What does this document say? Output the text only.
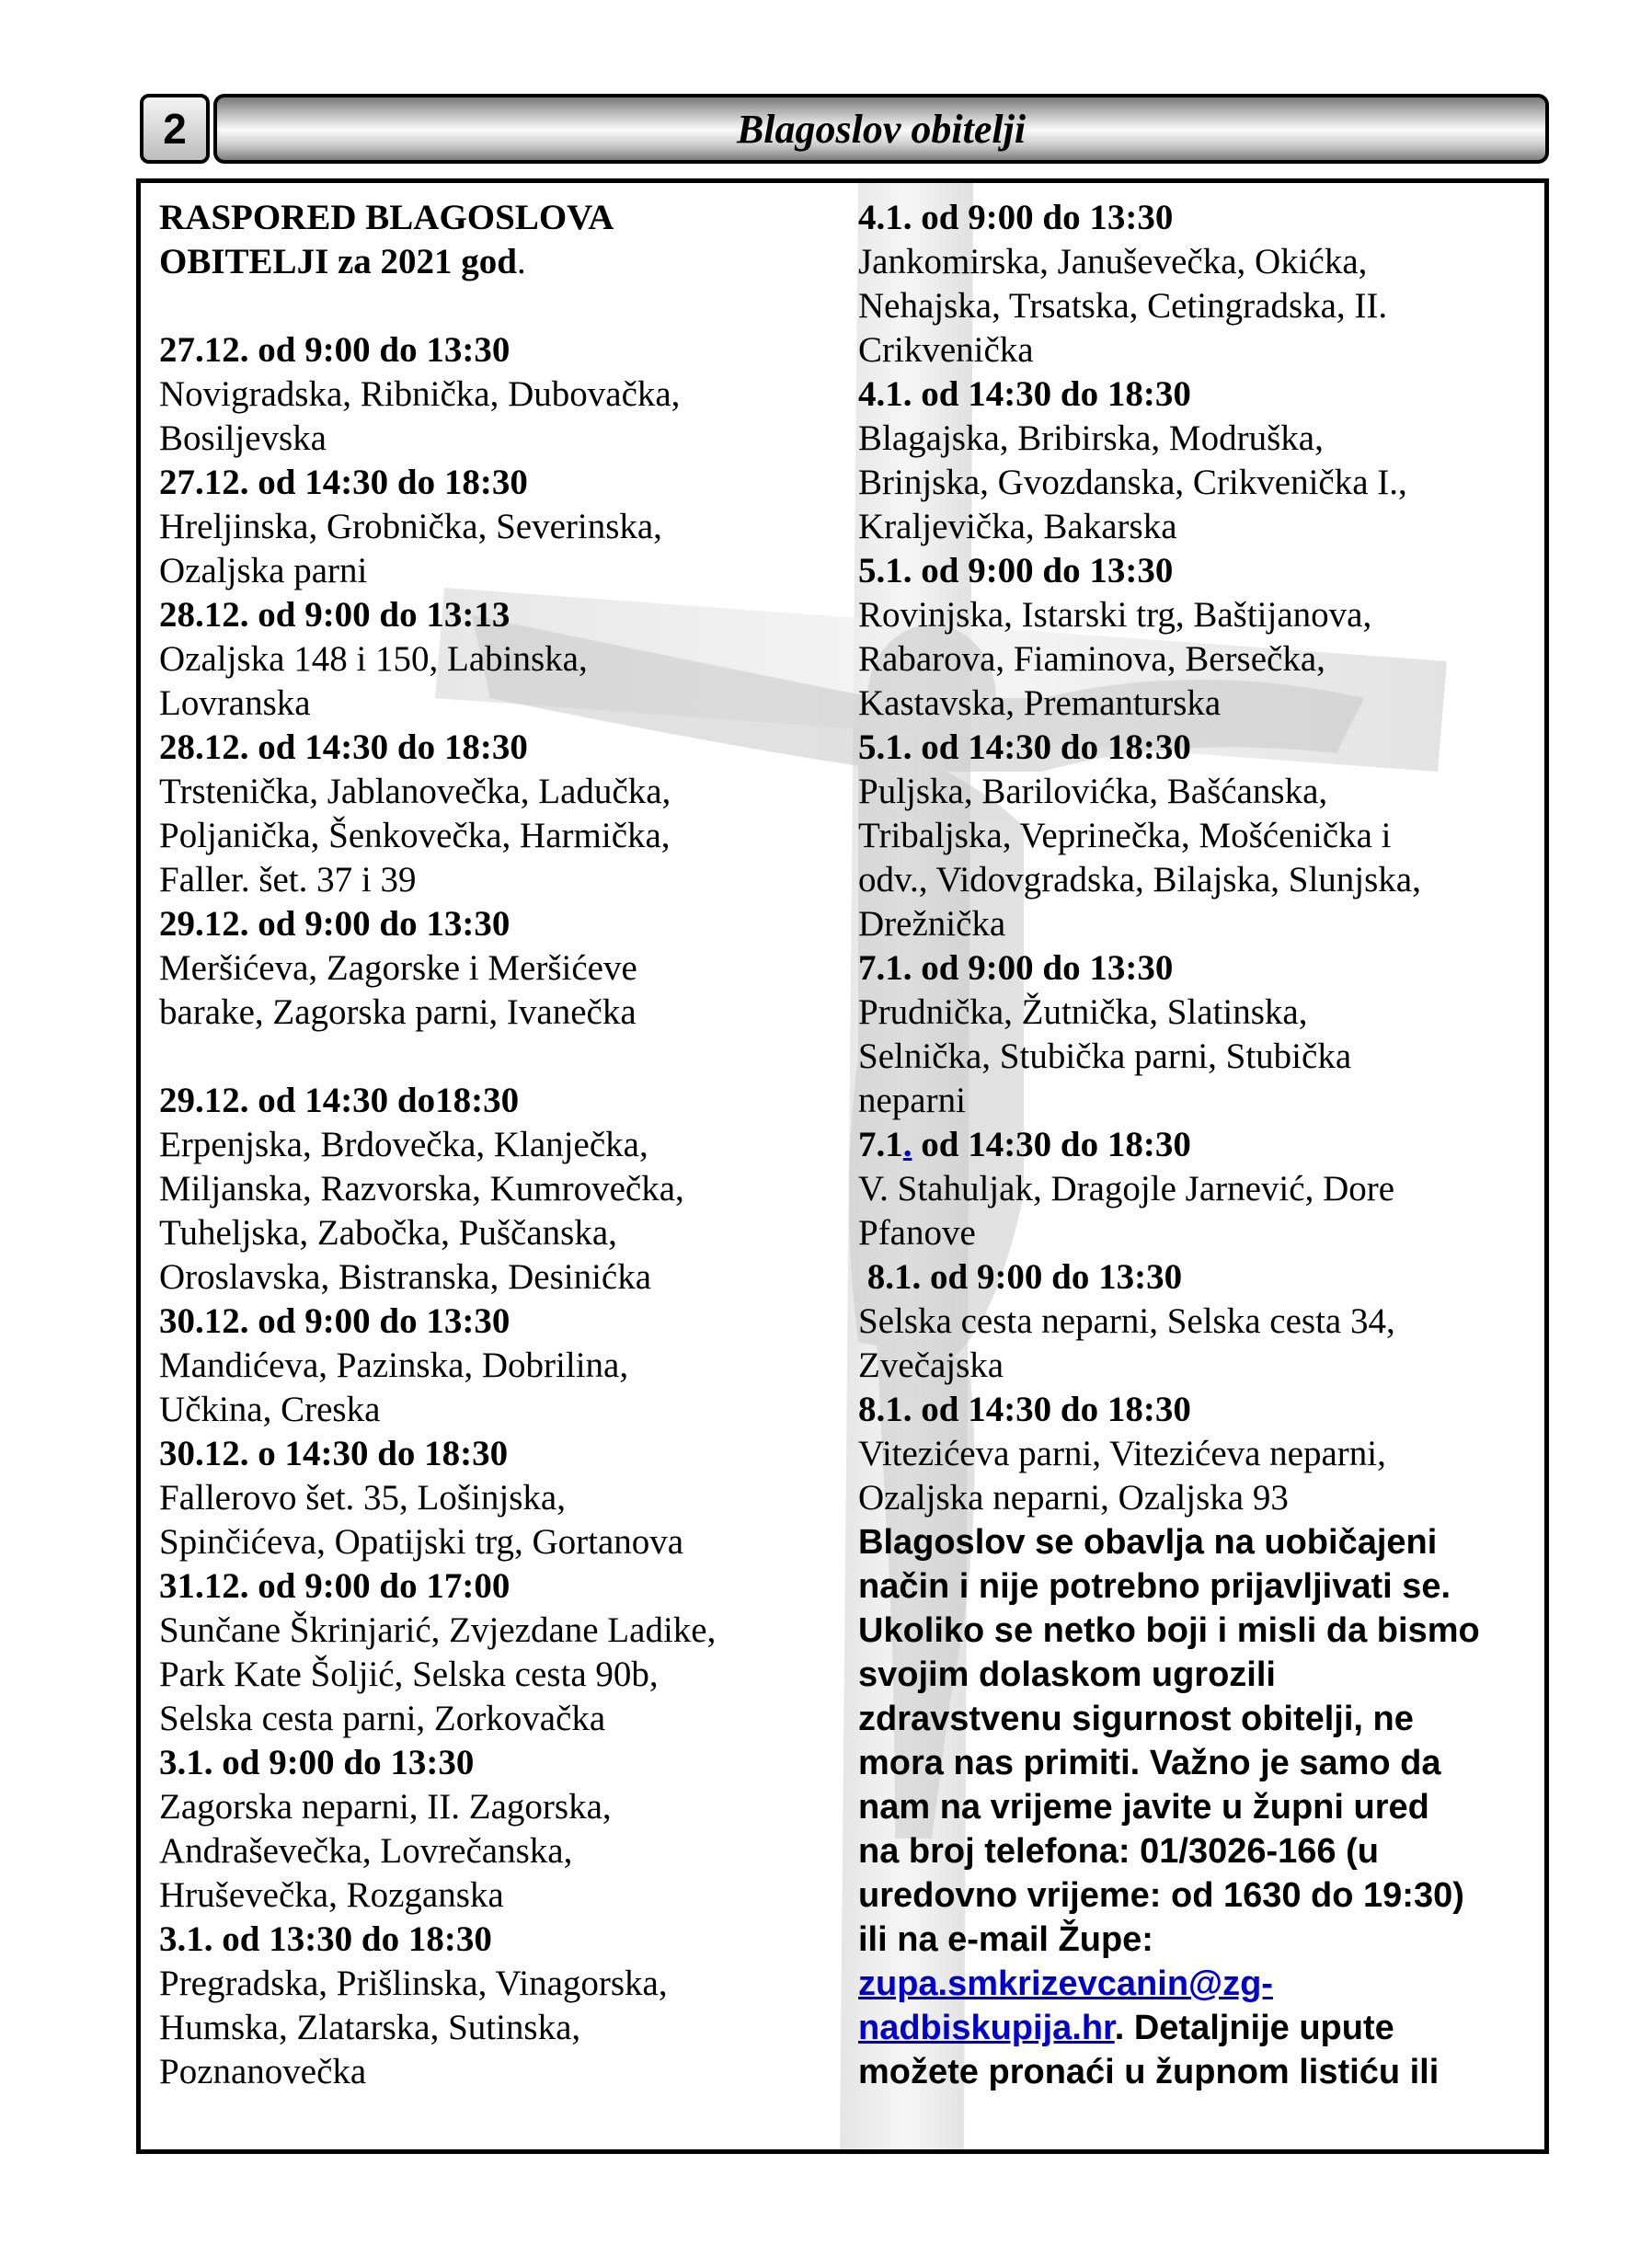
2	Blagoslov obitelji

RASPORED BLAGOSLOVA

OBITELJI za 2021 god.

27.12. od 9:00 do 13:30

Novigradska, Ribnička, Dubovačka,

Bosiljevska

27.12. od 14:30 do 18:30

Hreljinska, Grobnička, Severinska,

Ozaljska parni

28.12. od 9:00 do 13:13

Ozaljska 148 i 150, Labinska,

Lovranska

28.12. od 14:30 do 18:30

Trstenička, Jablanovečka, Ladučka,

Poljanička, Šenkovečka, Harmička,

Faller. šet. 37 i 39

29.12. od 9:00 do 13:30

Meršićeva, Zagorske i Meršićeve

barake, Zagorska parni, Ivanečka

29.12. od 14:30 do18:30

Erpenjska, Brdovečka, Klanječka,

Miljanska, Razvorska, Kumrovečka,

Tuheljska, Zabočka, Puščanska,

Oroslavska, Bistranska, Desinićka

30.12. od 9:00 do 13:30

Mandićeva, Pazinska, Dobrilina,

Učkina, Creska

30.12. o 14:30 do 18:30

Fallerovo šet. 35, Lošinjska,

Spinčićeva, Opatijski trg, Gortanova

31.12. od 9:00 do 17:00

Sunčane Škrinjarić, Zvjezdane Ladike,

Park Kate Šoljić, Selska cesta 90b,

Selska cesta parni, Zorkovačka

3.1. od 9:00 do 13:30

Zagorska neparni, II. Zagorska,

Andraševečka, Lovrečanska,

Hruševečka, Rozganska

3.1. od 13:30 do 18:30

Pregradska, Prišlinska, Vinagorska,

Humska, Zlatarska, Sutinska,

Poznanovečka

4.1. od 9:00 do 13:30

Jankomirska, Januševečka, Okićka,

Nehajska, Trsatska, Cetingradska, II.

Crikvenička

4.1. od 14:30 do 18:30

Blagajska, Bribirska, Modruška,

Brinjska, Gvozdanska, Crikvenička I.,

Kraljevička, Bakarska

5.1. od 9:00 do 13:30

Rovinjska, Istarski trg, Baštijanova,

Rabarova, Fiaminova, Bersečka,

Kastavska, Premanturska

5.1. od 14:30 do 18:30

Puljska, Barilovićka, Bašćanska,

Tribaljska, Veprinečka, Mošćenička i

odv., Vidovgradska, Bilajska, Slunjska,

Drežnička

7.1. od 9:00 do 13:30

Prudnička, Žutnička, Slatinska,

Selnička, Stubička parni, Stubička

neparni

7.1. od 14:30 do 18:30

V. Stahuljak, Dragojle Jarnević, Dore

Pfanove

8.1. od 9:00 do 13:30

Selska cesta neparni, Selska cesta 34,

Zvečajska

8.1. od 14:30 do 18:30

Vitezićeva parni, Vitezićeva neparni,

Ozaljska neparni, Ozaljska 93

Blagoslov se obavlja na uobičajeni

način i nije potrebno prijavljivati se.

Ukoliko se netko boji i misli da bismo

svojim dolaskom ugrozili

zdravstvenu sigurnost obitelji, ne

mora nas primiti. Važno je samo da

nam na vrijeme javite u župni ured

na broj telefona: 01/3026-166 (u

uredovno vrijeme: od 1630 do 19:30)

ili na e-mail Župe:

zupa.smkrizevcanin@zg-

nadbiskupija.hr. Detaljnije upute

možete pronaći u župnom listiću ili
